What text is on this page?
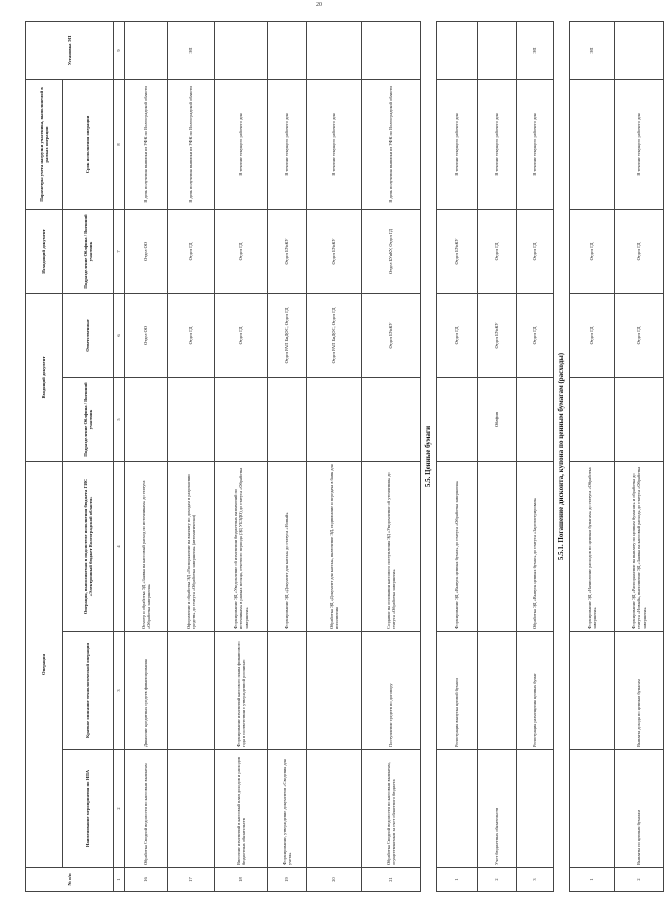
20
№ п/п	Операция			Входящий документ		Исходящий документ	Параметры учета нагрузки участника, выполняемой в рамках операции	Установка ЭП
	Наименование мероприятия по НПА	Краткое описание технологической операции	Операция, выполняемая в подсистеме исполнения бюджета ГИС «Электронный бюджет Волгоградской области»	Подразделение Облфина / Внешний участник	Ответственные	Подразделение Облфина / Внешний участник	Срок исполнения операции	
1	2	3	4	5	6	7	8	9
16	Обработка Сводной ведомости по кассовым выплатам	Движение кредитных средств финансирования	Осмотр и обработка ЭД «Заявка на кассовый расход по источникам» до статуса «Обработка завершена»		Отдел ОО	Отдел ОО	В день получения выписки из УФК по Волгоградской области	
17			Оформление и обработка ЭД «Распоряжение на выплату по доходам в разрешении средств» до статуса «Обработка завершена» (автоматически)		Отдел ГД	Отдел ГД	В день получения выписки из УФК по Волгоградской области	ЭП
18	Внесение изменений в кассовый план доходов и расходов бюджетных обязательств	Формирование изменений кассового плана финансового года в соответствии с утвержденной росписью	Формирование ЭД «Уведомление об изменении бюджетных назначений по источникам» в рамках месяца, отчетного периода (ЭД УБЭДО) до статуса «Обработка завершена»		Отдел ГД	Отдел ГД	В течение текущего рабочего дня	
19	Формирование, утверждение документов «Сведения для учета»		Формирование ЭД «Документ для кассы» до статуса «Новый»		Отдел РАП БиДОС, Отдел ГД	Отдел БУиКУ	В течение текущего рабочего дня	
20			Обработка ЭД «Документ для кассы», включение ЭД, подписание и передача в банк для исполнения		Отдел РАП БиДОС, Отдел ГД	Отдел БУиКУ	В течение текущего рабочего дня	
21	Обработка Сводной ведомости по кассовым выплатам, осуществляемым за счет областного бюджета	Поступление средств по договору	Создание на основании кассового поступления ЭД «Уведомление об уточнении» до статуса «Обработка завершена»		Отдел БУиКУ	Отдел БУиКУ, Отдел ГД	В день получения выписки из УФК по Волгоградской области	
5.5. Ценные бумаги								
1		Регистрация выпуска ценной бумаги	Формирование ЭД «Выпуск ценных бумаг» до статуса «Обработка завершена»		Отдел ГД	Отдел БУиКУ	В течение текущего рабочего дня	
2	Учет бюджетных обязательств			Облфин	Отдел БУиКУ	Отдел ГД	В течение текущего рабочего дня	
3		Регистрация размещения ценных бумаг	Обработка ЭД «Выпуск ценных бумаг» до статуса «Зарегистрирован»		Отдел ГД	Отдел ГД	В течение текущего рабочего дня	ЭП
5.5.1. Погашение дисконта, купона по ценным бумагам (расходы)								
1			Формирование ЭД «Начисление расходов по ценным бумагам» до статуса «Обработка завершена»		Отдел ГД	Отдел ГД		ЭП
2	Выплаты по ценным бумагам	Выплата дохода по ценным бумагам	Формирование ЭД «Распоряжение на выплату по ценным бумагам» и обработка до статуса «Новый», выполнение ЭД «Заявка на кассовый расход» до статуса «Обработка завершена»		Отдел ГД	Отдел ГД	В течение текущего рабочего дня	
